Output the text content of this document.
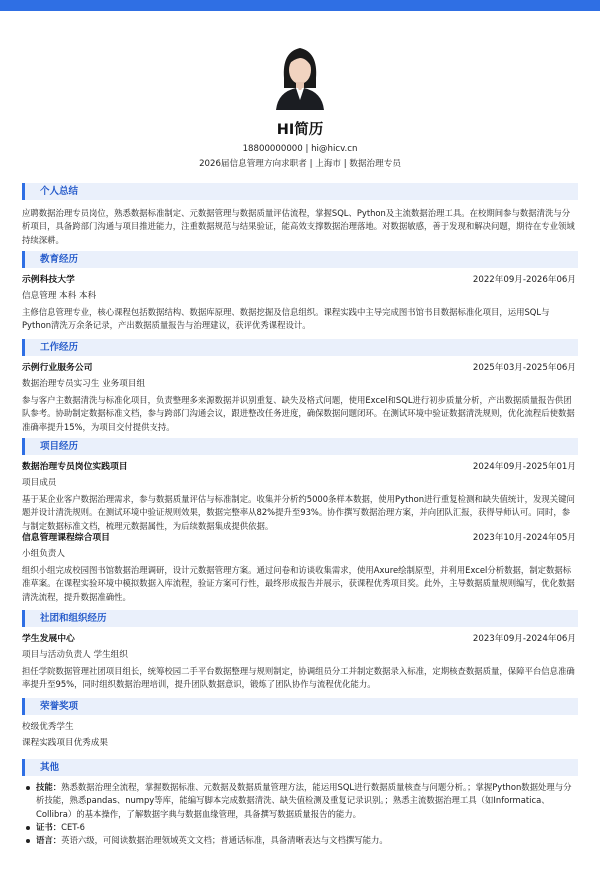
HI简历
18800000000 | hi@hicv.cn
2026届信息管理方向求职者 | 上海市 | 数据治理专员
个人总结
应聘数据治理专员岗位，熟悉数据标准制定、元数据管理与数据质量评估流程，掌握SQL、Python及主流数据治理工具。在校期间参与数据清洗与分析项目，具备跨部门沟通与项目推进能力，注重数据规范与结果验证，能高效支撑数据治理落地。对数据敏感，善于发现和解决问题，期待在专业领域持续深耕。
教育经历
示例科技大学	2022年09月-2026年06月
信息管理 本科 本科
主修信息管理专业，核心课程包括数据结构、数据库原理、数据挖掘及信息组织。课程实践中主导完成图书馆书目数据标准化项目，运用SQL与Python清洗万余条记录，产出数据质量报告与治理建议，获评优秀课程设计。
工作经历
示例行业服务公司	2025年03月-2025年06月
数据治理专员实习生 业务项目组
参与客户主数据清洗与标准化项目，负责整理多来源数据并识别重复、缺失及格式问题，使用Excel和SQL进行初步质量分析，产出数据质量报告供团队参考。协助制定数据标准文档，参与跨部门沟通会议，跟进整改任务进度，确保数据问题闭环。在测试环境中验证数据清洗规则，优化流程后使数据准确率提升15%，为项目交付提供支持。
项目经历
数据治理专员岗位实践项目	2024年09月-2025年01月
项目成员
基于某企业客户数据治理需求，参与数据质量评估与标准制定。收集并分析约5000条样本数据，使用Python进行重复检测和缺失值统计，发现关键问题并设计清洗规则。在测试环境中验证规则效果，数据完整率从82%提升至93%。协作撰写数据治理方案，并向团队汇报，获得导师认可。同时，参与制定数据标准文档，梳理元数据属性，为后续数据集成提供依据。
信息管理课程综合项目	2023年10月-2024年05月
小组负责人
组织小组完成校园图书馆数据治理调研，设计元数据管理方案。通过问卷和访谈收集需求，使用Axure绘制原型，并利用Excel分析数据，制定数据标准草案。在课程实验环境中模拟数据入库流程，验证方案可行性，最终形成报告并展示，获课程优秀项目奖。此外，主导数据质量规则编写，优化数据清洗流程，提升数据准确性。
社团和组织经历
学生发展中心	2023年09月-2024年06月
项目与活动负责人 学生组织
担任学院数据管理社团项目组长，统筹校园二手平台数据整理与规则制定，协调组员分工并制定数据录入标准，定期核查数据质量，保障平台信息准确率提升至95%，同时组织数据治理培训，提升团队数据意识，锻炼了团队协作与流程优化能力。
荣誉奖项
校级优秀学生
课程实践项目优秀成果
其他
技能：熟悉数据治理全流程，掌握数据标准、元数据及数据质量管理方法，能运用SQL进行数据质量核查与问题分析。；掌握Python数据处理与分析技能，熟悉pandas、numpy等库，能编写脚本完成数据清洗、缺失值检测及重复记录识别。；熟悉主流数据治理工具（如Informatica、Collibra）的基本操作，了解数据字典与数据血缘管理，具备撰写数据质量报告的能力。
证书：CET-6
语言：英语六级，可阅读数据治理领域英文文档；普通话标准，具备清晰表达与文档撰写能力。
